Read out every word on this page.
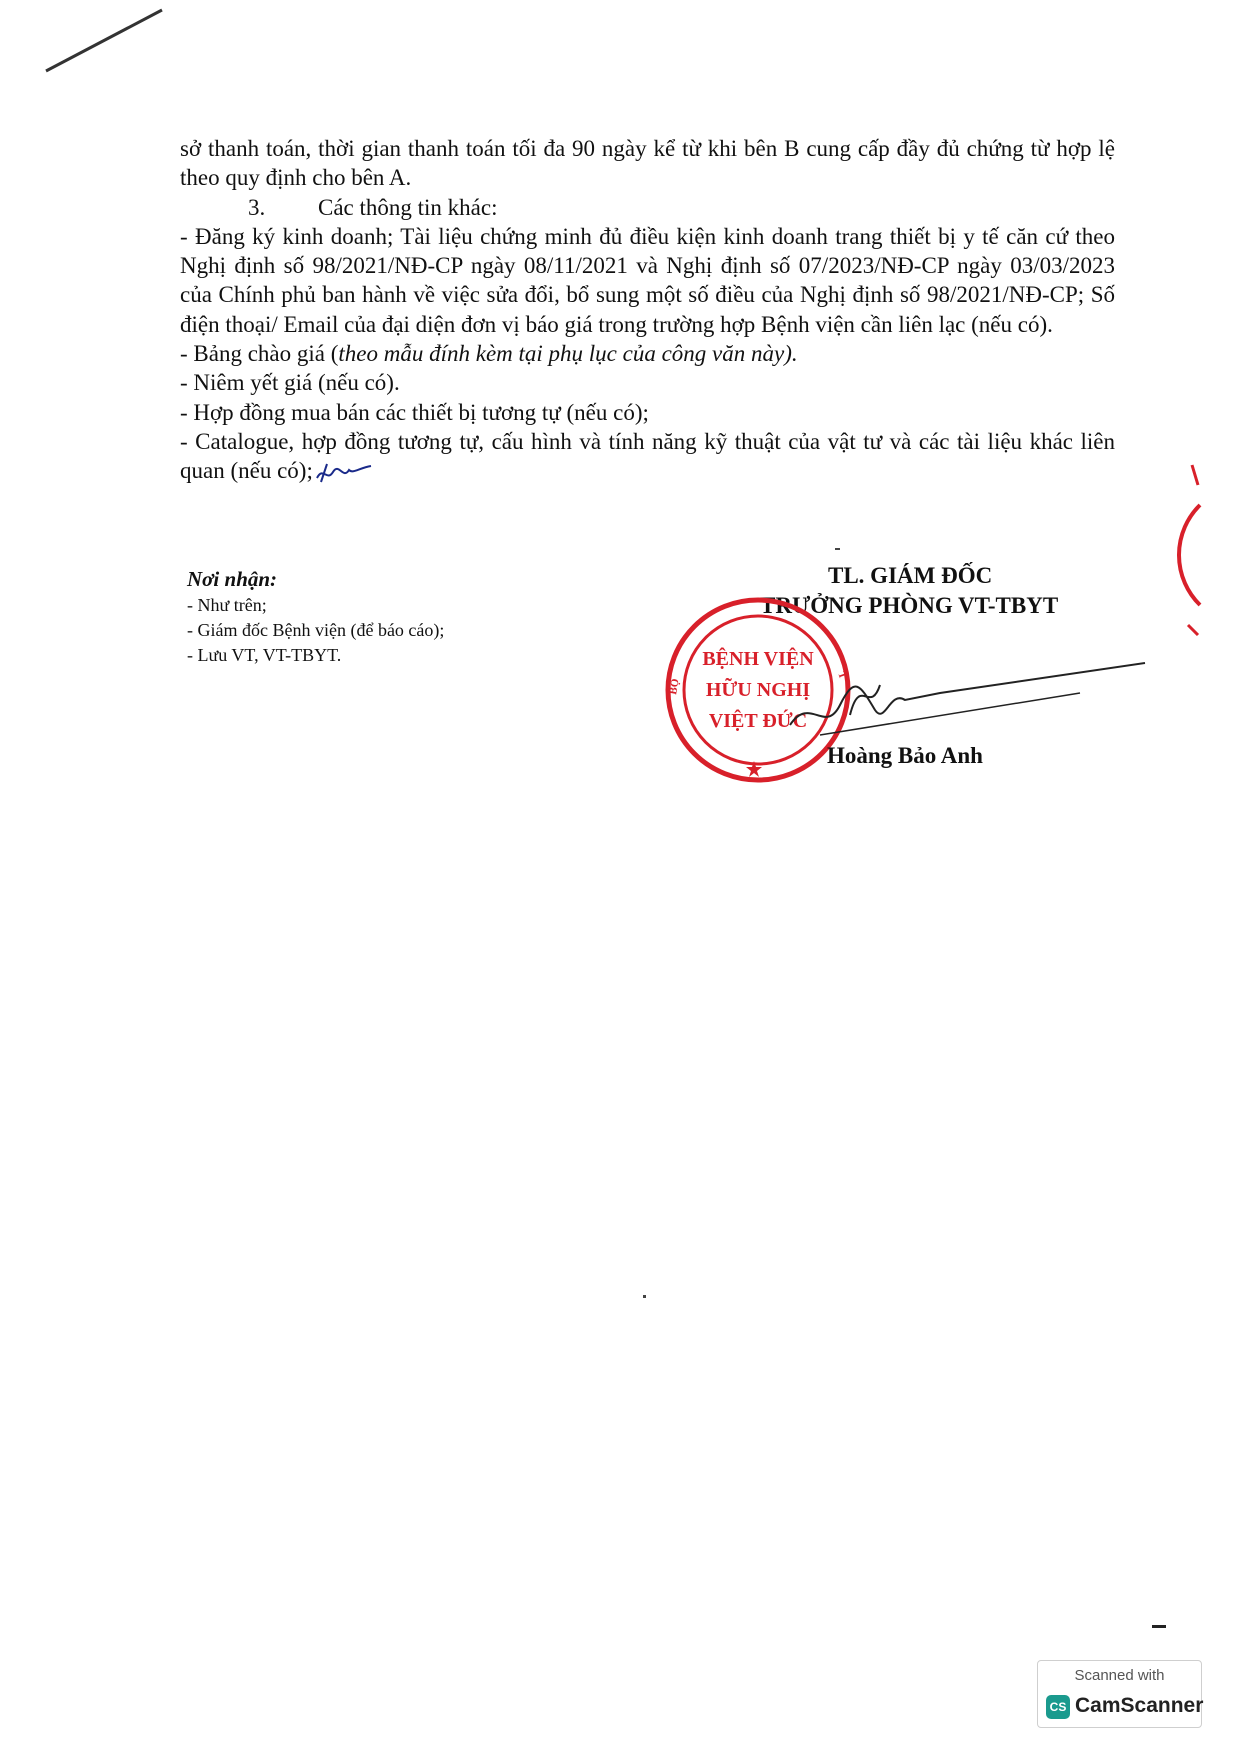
sở thanh toán, thời gian thanh toán tối đa 90 ngày kể từ khi bên B cung cấp đầy đủ chứng từ hợp lệ theo quy định cho bên A.

3. Các thông tin khác:

- Đăng ký kinh doanh; Tài liệu chứng minh đủ điều kiện kinh doanh trang thiết bị y tế căn cứ theo Nghị định số 98/2021/NĐ-CP ngày 08/11/2021 và Nghị định số 07/2023/NĐ-CP ngày 03/03/2023 của Chính phủ ban hành về việc sửa đổi, bổ sung một số điều của Nghị định số 98/2021/NĐ-CP; Số điện thoại/ Email của đại diện đơn vị báo giá trong trường hợp Bệnh viện cần liên lạc (nếu có).

- Bảng chào giá (theo mẫu đính kèm tại phụ lục của công văn này).

- Niêm yết giá (nếu có).

- Hợp đồng mua bán các thiết bị tương tự (nếu có);

- Catalogue, hợp đồng tương tự, cấu hình và tính năng kỹ thuật của vật tư và các tài liệu khác liên quan (nếu có);

Nơi nhận:
- Như trên;
- Giám đốc Bệnh viện (để báo cáo);
- Lưu VT, VT-TBYT.
TL. GIÁM ĐỐC
TRƯỞNG PHÒNG VT-TBYT
BỆNH VIỆN
HỮU NGHỊ
VIỆT ĐỨC
BỘ
T
Hoàng Bảo Anh
Scanned with
CS CamScanner
